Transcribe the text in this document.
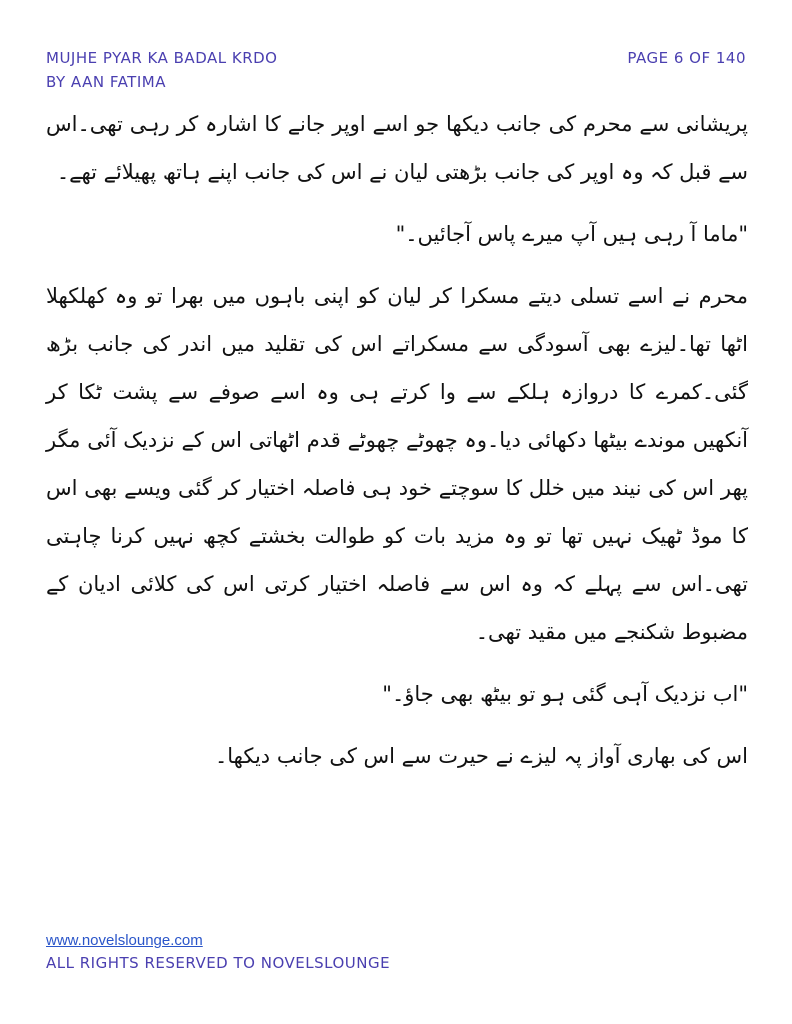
MUJHE PYAR KA BADAL KRDO
BY AAN FATIMA
PAGE 6 OF 140

پریشانی سے محرم کی جانب دیکھا جو اسے اوپر جانے کا اشارہ کر رہی تھی۔اس سے قبل کہ وہ اوپر کی جانب بڑھتی لیان نے اس کی جانب اپنے ہاتھ پھیلائے تھے۔

"ماما آ رہی ہیں آپ میرے پاس آجائیں۔"

محرم نے اسے تسلی دیتے مسکرا کر لیان کو اپنی باہوں میں بھرا تو وہ کھلکھلا اٹھا تھا۔لیزے بھی آسودگی سے مسکراتے اس کی تقلید میں اندر کی جانب بڑھ گئی۔کمرے کا دروازہ ہلکے سے وا کرتے ہی وہ اسے صوفے سے پشت ٹکا کر آنکھیں موندے بیٹھا دکھائی دیا۔وہ چھوٹے چھوٹے قدم اٹھاتی اس کے نزدیک آئی مگر پھر اس کی نیند میں خلل کا سوچتے خود ہی فاصلہ اختیار کر گئی ویسے بھی اس کا موڈ ٹھیک نہیں تھا تو وہ مزید بات کو طوالت بخشتے کچھ نہیں کرنا چاہتی تھی۔اس سے پہلے کہ وہ اس سے فاصلہ اختیار کرتی اس کی کلائی ادیان کے مضبوط شکنجے میں مقید تھی۔

"اب نزدیک آہی گئی ہو تو بیٹھ بھی جاؤ۔"

اس کی بھاری آواز پہ لیزے نے حیرت سے اس کی جانب دیکھا۔

www.novelslounge.com
ALL RIGHTS RESERVED TO NOVELSLOUNGE
